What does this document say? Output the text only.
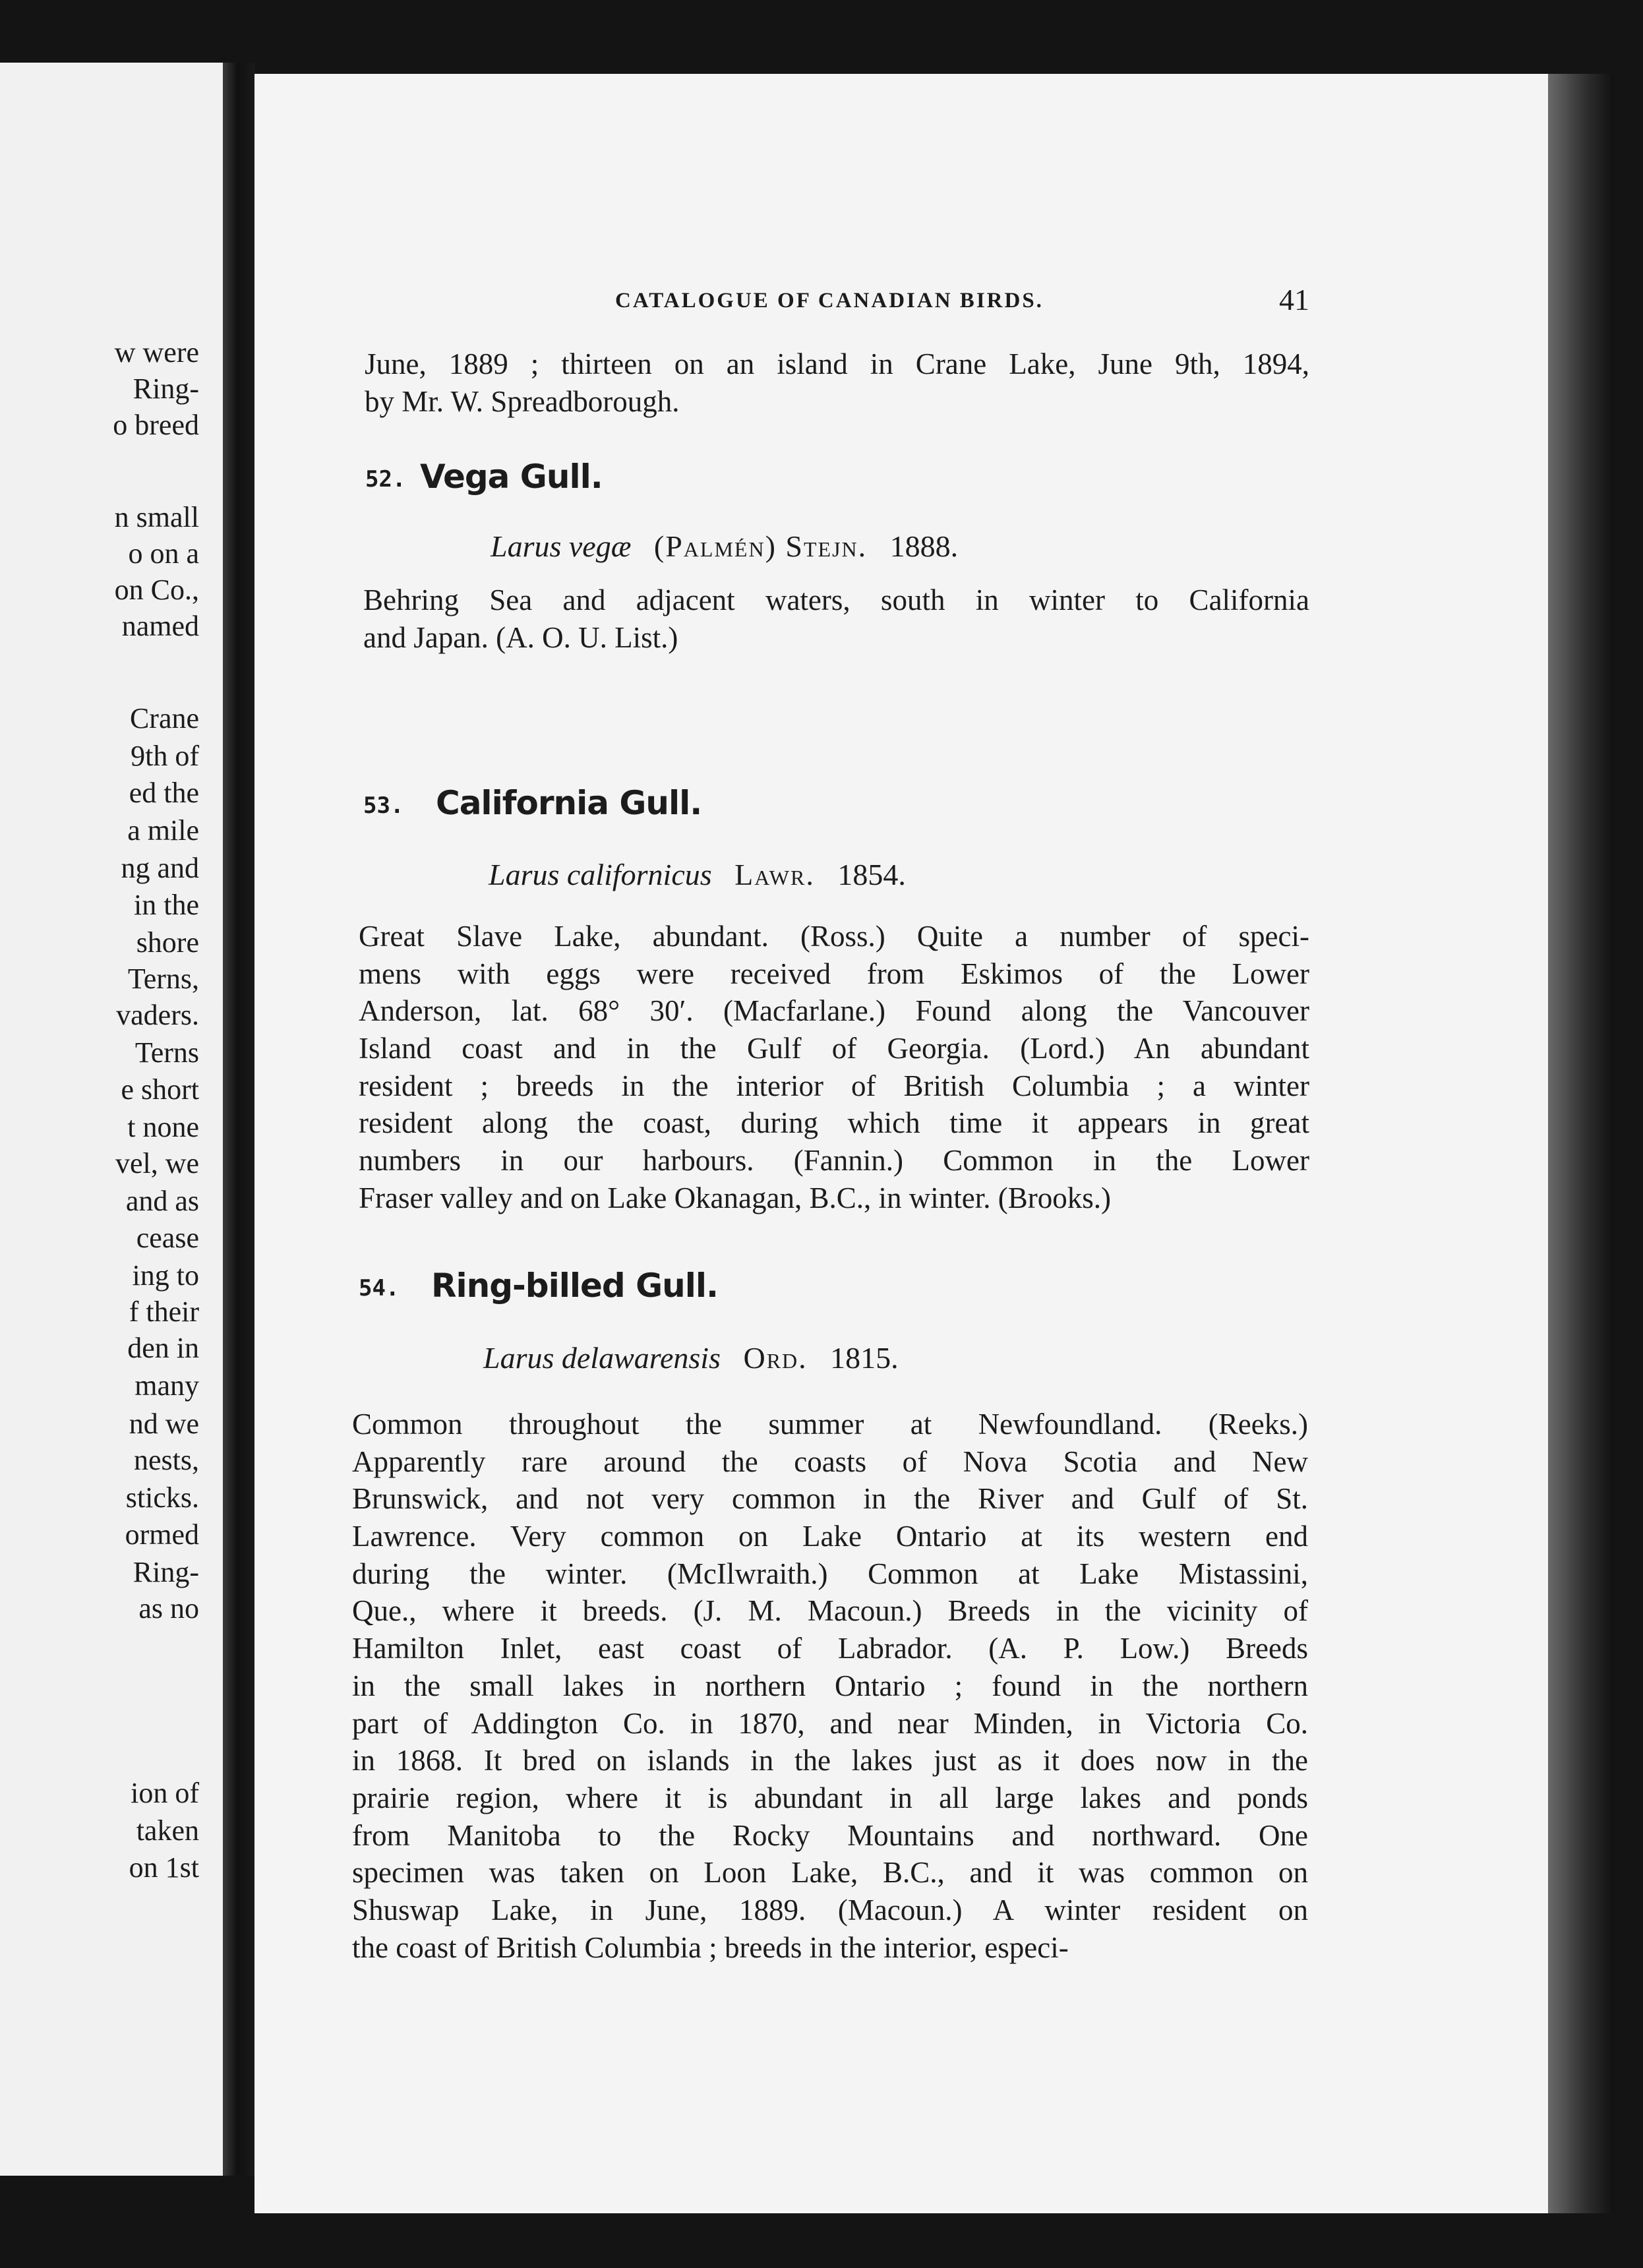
w were
Ring-
o breed
n small
o on a
on Co.,
named
Crane
9th of
ed the
a mile
ng and
in the
shore
Terns,
vaders.
Terns
e short
t none
vel, we
and as
cease
ing to
f their
den in
many
nd we
nests,
sticks.
ormed
Ring-
as no
ion of
taken
on 1st
CATALOGUE OF CANADIAN BIRDS.	41
June, 1889 ; thirteen on an island in Crane Lake, June 9th, 1894,
by Mr. W. Spreadborough.
52. Vega Gull.
Larus vegæ (Palmén) Stejn. 1888.
Behring Sea and adjacent waters, south in winter to California
and Japan. (A. O. U. List.)
53. California Gull.
Larus californicus Lawr. 1854.
Great Slave Lake, abundant. (Ross.) Quite a number of speci-
mens with eggs were received from Eskimos of the Lower
Anderson, lat. 68° 30′. (Macfarlane.) Found along the Vancouver
Island coast and in the Gulf of Georgia. (Lord.) An abundant
resident ; breeds in the interior of British Columbia ; a winter
resident along the coast, during which time it appears in great
numbers in our harbours. (Fannin.) Common in the Lower
Fraser valley and on Lake Okanagan, B.C., in winter. (Brooks.)
54. Ring-billed Gull.
Larus delawarensis Ord. 1815.
Common throughout the summer at Newfoundland. (Reeks.)
Apparently rare around the coasts of Nova Scotia and New
Brunswick, and not very common in the River and Gulf of St.
Lawrence. Very common on Lake Ontario at its western end
during the winter. (McIlwraith.) Common at Lake Mistassini,
Que., where it breeds. (J. M. Macoun.) Breeds in the vicinity of
Hamilton Inlet, east coast of Labrador. (A. P. Low.) Breeds
in the small lakes in northern Ontario ; found in the northern
part of Addington Co. in 1870, and near Minden, in Victoria Co.
in 1868. It bred on islands in the lakes just as it does now in the
prairie region, where it is abundant in all large lakes and ponds
from Manitoba to the Rocky Mountains and northward. One
specimen was taken on Loon Lake, B.C., and it was common on
Shuswap Lake, in June, 1889. (Macoun.) A winter resident on
the coast of British Columbia ; breeds in the interior, especi-
